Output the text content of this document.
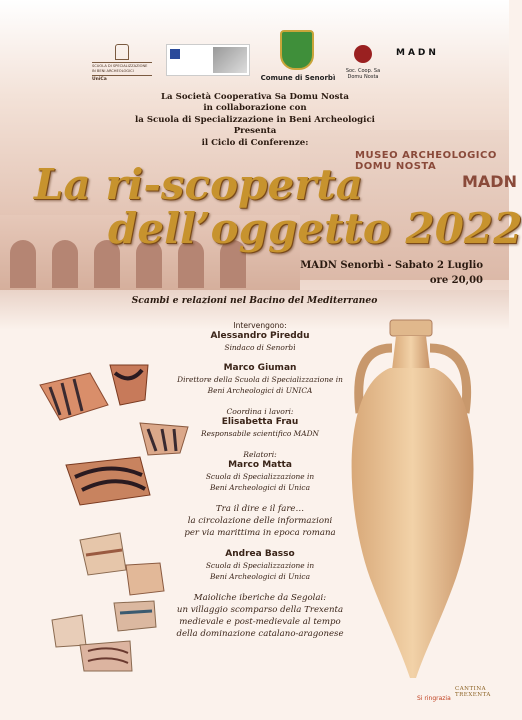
MUSEO ARCHEOLOGICO DOMU NOSTA
MADN
SCUOLA DI SPECIALIZZAZIONE
IN BENI ARCHEOLOGICI
UniCa	Comune di Senorbì
Soc. Coop. Sa Domu Nosta
MADN
La Società Cooperativa Sa Domu Nosta
in collaborazione con
la Scuola di Specializzazione in Beni Archeologici
Presenta
il Ciclo di Conferenze:
La ri-scoperta
dell’oggetto 2022
MADN Senorbì - Sabato 2 Luglio
ore 20,00
Scambi e relazioni nel Bacino del Mediterraneo
Intervengono:
Alessandro Pireddu
Sindaco di Senorbì
Marco Giuman
Direttore della Scuola di Specializzazione in
Beni Archeologici di UNICA
Coordina i lavori:
Elisabetta Frau
Responsabile scientifico MADN
Relatori:
Marco Matta
Scuola di Specializzazione in
Beni Archeologici di Unica
Tra il dire e il fare…
la circolazione delle informazioni
per via marittima in epoca romana
Andrea Basso
Scuola di Specializzazione in
Beni Archeologici di Unica
Maioliche iberiche da Segolai:
un villaggio scomparso della Trexenta
medievale e post-medievale al tempo
della dominazione catalano-aragonese
Si ringrazia
CANTINA TREXENTA
